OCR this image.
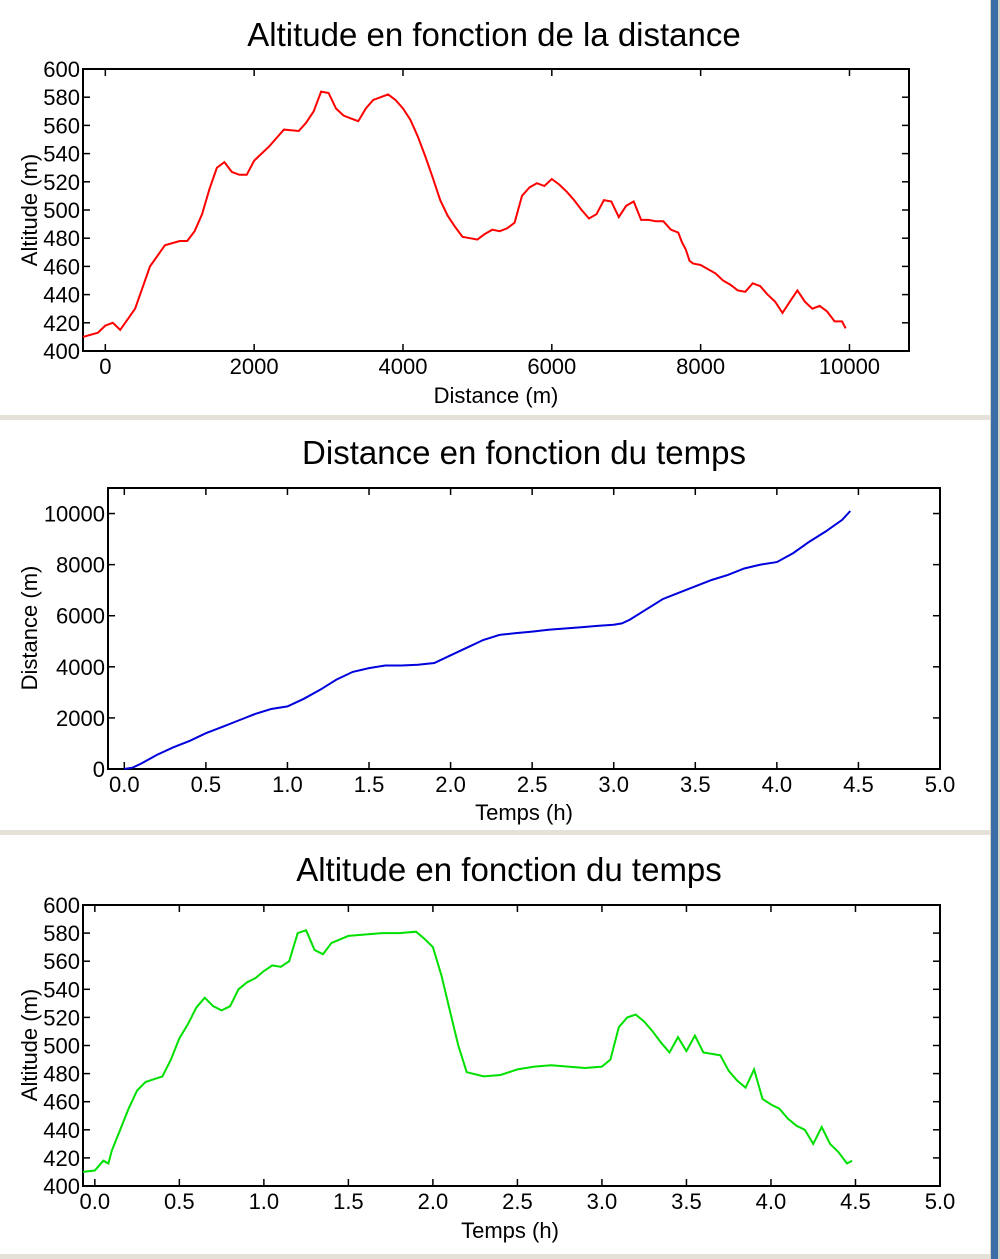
Altitude en fonction de la distance
Distance (m)
Altitude (m)
0	2000	4000	6000	8000	10000
400
420
440
460
480
500
520
540
560
580
600
Distance en fonction du temps
Temps (h)
Distance (m)
0.0 0.5 1.0 1.5 2.0 2.5 3.0 3.5 4.0 4.5 5.0
0
2000
4000
6000
8000
10000
Altitude en fonction du temps
Temps (h)
Altitude (m)
0.0 0.5 1.0 1.5 2.0 2.5 3.0 3.5 4.0 4.5 5.0
400
420
440
460
480
500
520
540
560
580
600
